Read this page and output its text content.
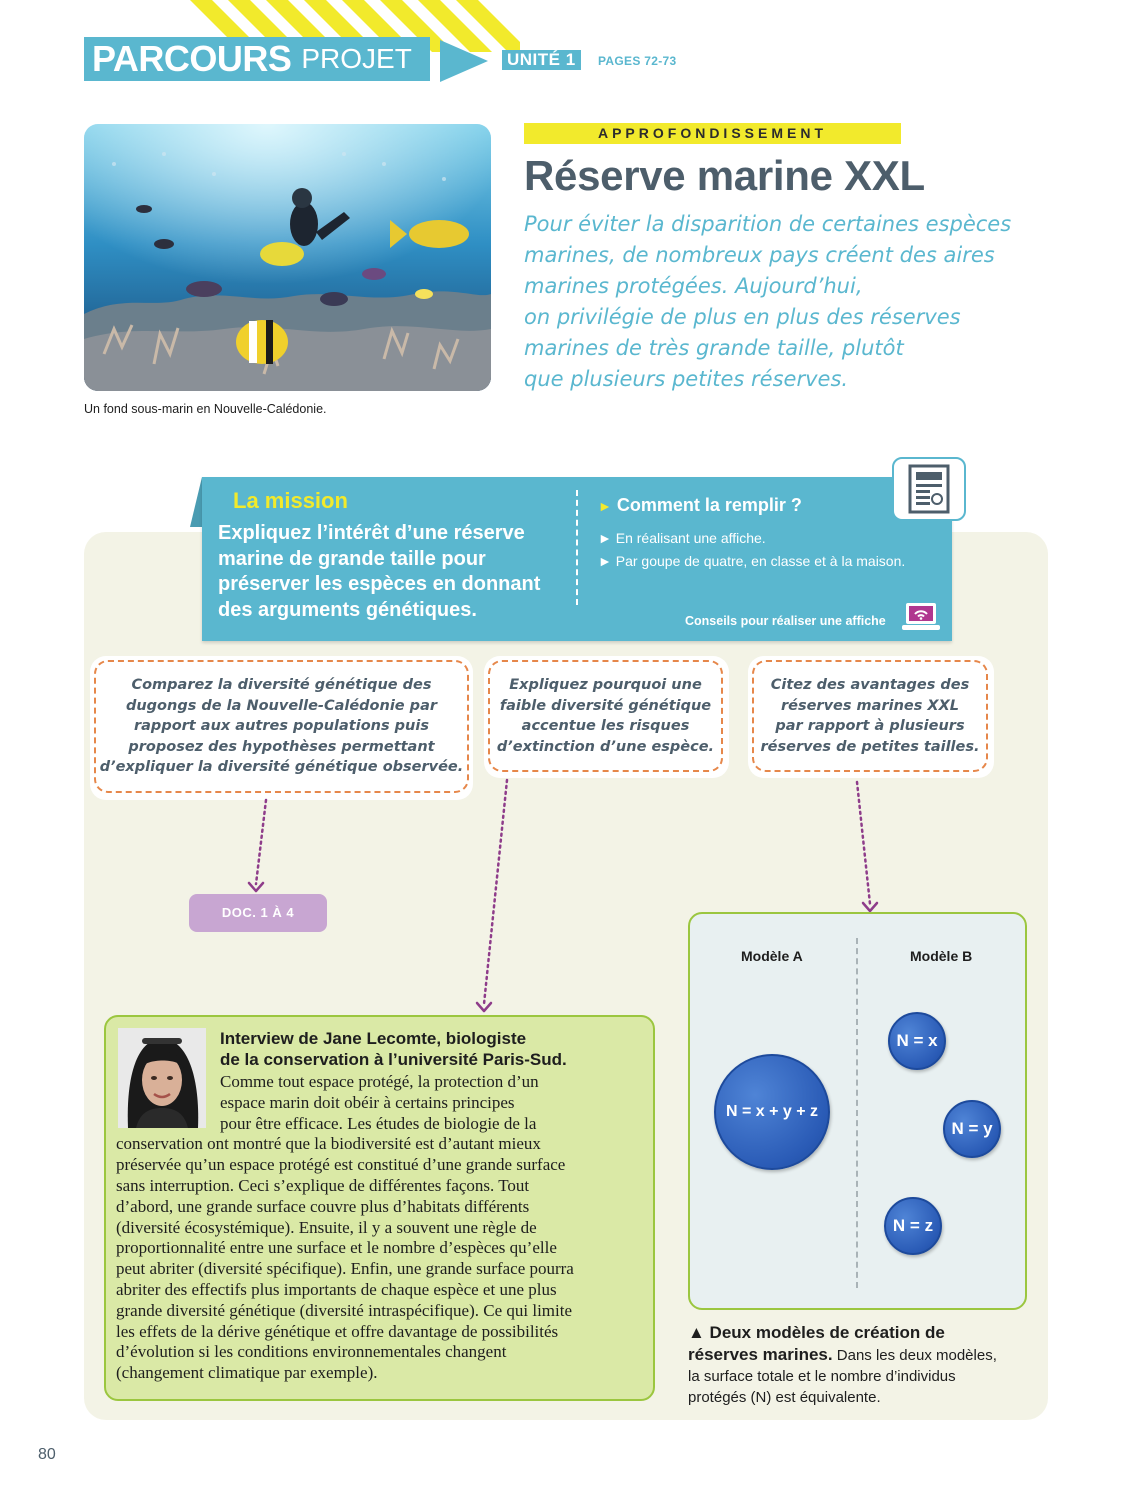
PARCOURS PROJET	UNITÉ 1	PAGES 72-73
Un fond sous-marin en Nouvelle-Calédonie.
APPROFONDISSEMENT
Réserve marine XXL
Pour éviter la disparition de certaines espèces
marines, de nombreux pays créent des aires
marines protégées. Aujourd’hui,
on privilégie de plus en plus des réserves
marines de très grande taille, plutôt
que plusieurs petites réserves.
La mission
Expliquez l’intérêt d’une réserve
marine de grande taille pour
préserver les espèces en donnant
des arguments génétiques.
► Comment la remplir ?
► En réalisant une affiche.
► Par goupe de quatre, en classe et à la maison.
Conseils pour réaliser une affiche
Comparez la diversité génétique des
dugongs de la Nouvelle-Calédonie par
rapport aux autres populations puis
proposez des hypothèses permettant
d’expliquer la diversité génétique observée.
Expliquez pourquoi une
faible diversité génétique
accentue les risques
d’extinction d’une espèce.
Citez des avantages des
réserves marines XXL
par rapport à plusieurs
réserves de petites tailles.
DOC. 1 À 4
Interview de Jane Lecomte, biologiste
de la conservation à l’université Paris-Sud.
Comme tout espace protégé, la protection d’un
espace marin doit obéir à certains principes
pour être efficace. Les études de biologie de la
conservation ont montré que la biodiversité est d’autant mieux
préservée qu’un espace protégé est constitué d’une grande surface
sans interruption. Ceci s’explique de différentes façons. Tout
d’abord, une grande surface couvre plus d’habitats différents
(diversité écosystémique). Ensuite, il y a souvent une règle de
proportionnalité entre une surface et le nombre d’espèces qu’elle
peut abriter (diversité spécifique). Enfin, une grande surface pourra
abriter des effectifs plus importants de chaque espèce et une plus
grande diversité génétique (diversité intraspécifique). Ce qui limite
les effets de la dérive génétique et offre davantage de possibilités
d’évolution si les conditions environnementales changent
(changement climatique par exemple).
Modèle A	Modèle B
N = x + y + z
N = x
N = y
N = z
▲ Deux modèles de création de
réserves marines. Dans les deux modèles,
la surface totale et le nombre d’individus
protégés (N) est équivalente.
80
